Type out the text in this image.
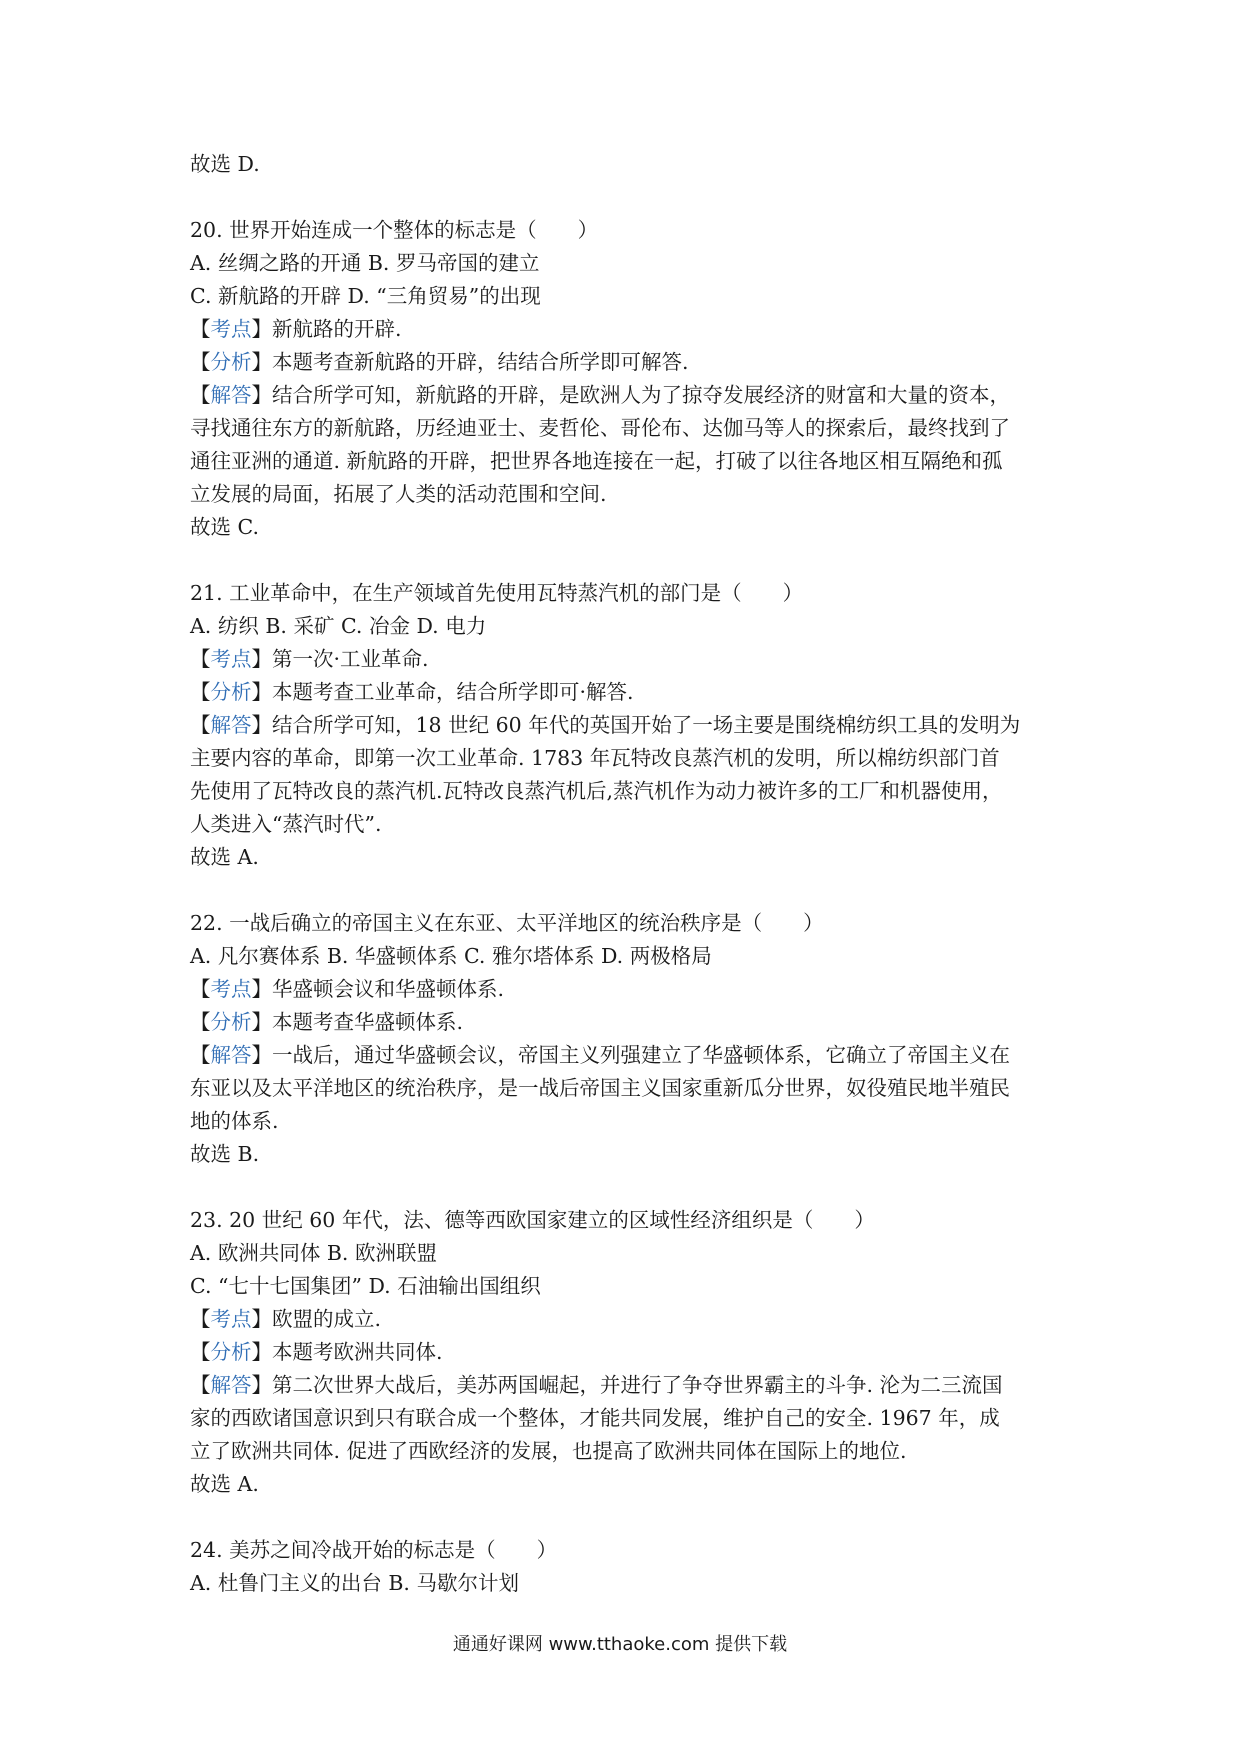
故选 D.
20. 世界开始连成一个整体的标志是（　　）
A. 丝绸之路的开通 B. 罗马帝国的建立
C. 新航路的开辟 D. “三角贸易”的出现
【考点】新航路的开辟.
【分析】本题考查新航路的开辟，结结合所学即可解答.
【解答】结合所学可知，新航路的开辟，是欧洲人为了掠夺发展经济的财富和大量的资本，
寻找通往东方的新航路，历经迪亚士、麦哲伦、哥伦布、达伽马等人的探索后，最终找到了
通往亚洲的通道. 新航路的开辟，把世界各地连接在一起，打破了以往各地区相互隔绝和孤
立发展的局面，拓展了人类的活动范围和空间.
故选 C.
21. 工业革命中，在生产领域首先使用瓦特蒸汽机的部门是（　　）
A. 纺织 B. 采矿 C. 冶金 D. 电力
【考点】第一次·工业革命.
【分析】本题考查工业革命，结合所学即可·解答.
【解答】结合所学可知，18 世纪 60 年代的英国开始了一场主要是围绕棉纺织工具的发明为
主要内容的革命，即第一次工业革命. 1783 年瓦特改良蒸汽机的发明，所以棉纺织部门首
先使用了瓦特改良的蒸汽机.瓦特改良蒸汽机后,蒸汽机作为动力被许多的工厂和机器使用，
人类进入“蒸汽时代”.
故选 A.
22. 一战后确立的帝国主义在东亚、太平洋地区的统治秩序是（　　）
A. 凡尔赛体系 B. 华盛顿体系 C. 雅尔塔体系 D. 两极格局
【考点】华盛顿会议和华盛顿体系.
【分析】本题考查华盛顿体系.
【解答】一战后，通过华盛顿会议，帝国主义列强建立了华盛顿体系，它确立了帝国主义在
东亚以及太平洋地区的统治秩序，是一战后帝国主义国家重新瓜分世界，奴役殖民地半殖民
地的体系.
故选 B.
23. 20 世纪 60 年代，法、德等西欧国家建立的区域性经济组织是（　　）
A. 欧洲共同体 B. 欧洲联盟
C. “七十七国集团” D. 石油输出国组织
【考点】欧盟的成立.
【分析】本题考欧洲共同体.
【解答】第二次世界大战后，美苏两国崛起，并进行了争夺世界霸主的斗争. 沦为二三流国
家的西欧诸国意识到只有联合成一个整体，才能共同发展，维护自己的安全. 1967 年，成
立了欧洲共同体. 促进了西欧经济的发展，也提高了欧洲共同体在国际上的地位.
故选 A.
24. 美苏之间冷战开始的标志是（　　）
A. 杜鲁门主义的出台 B. 马歇尔计划
通通好课网 www.tthaoke.com 提供下载
